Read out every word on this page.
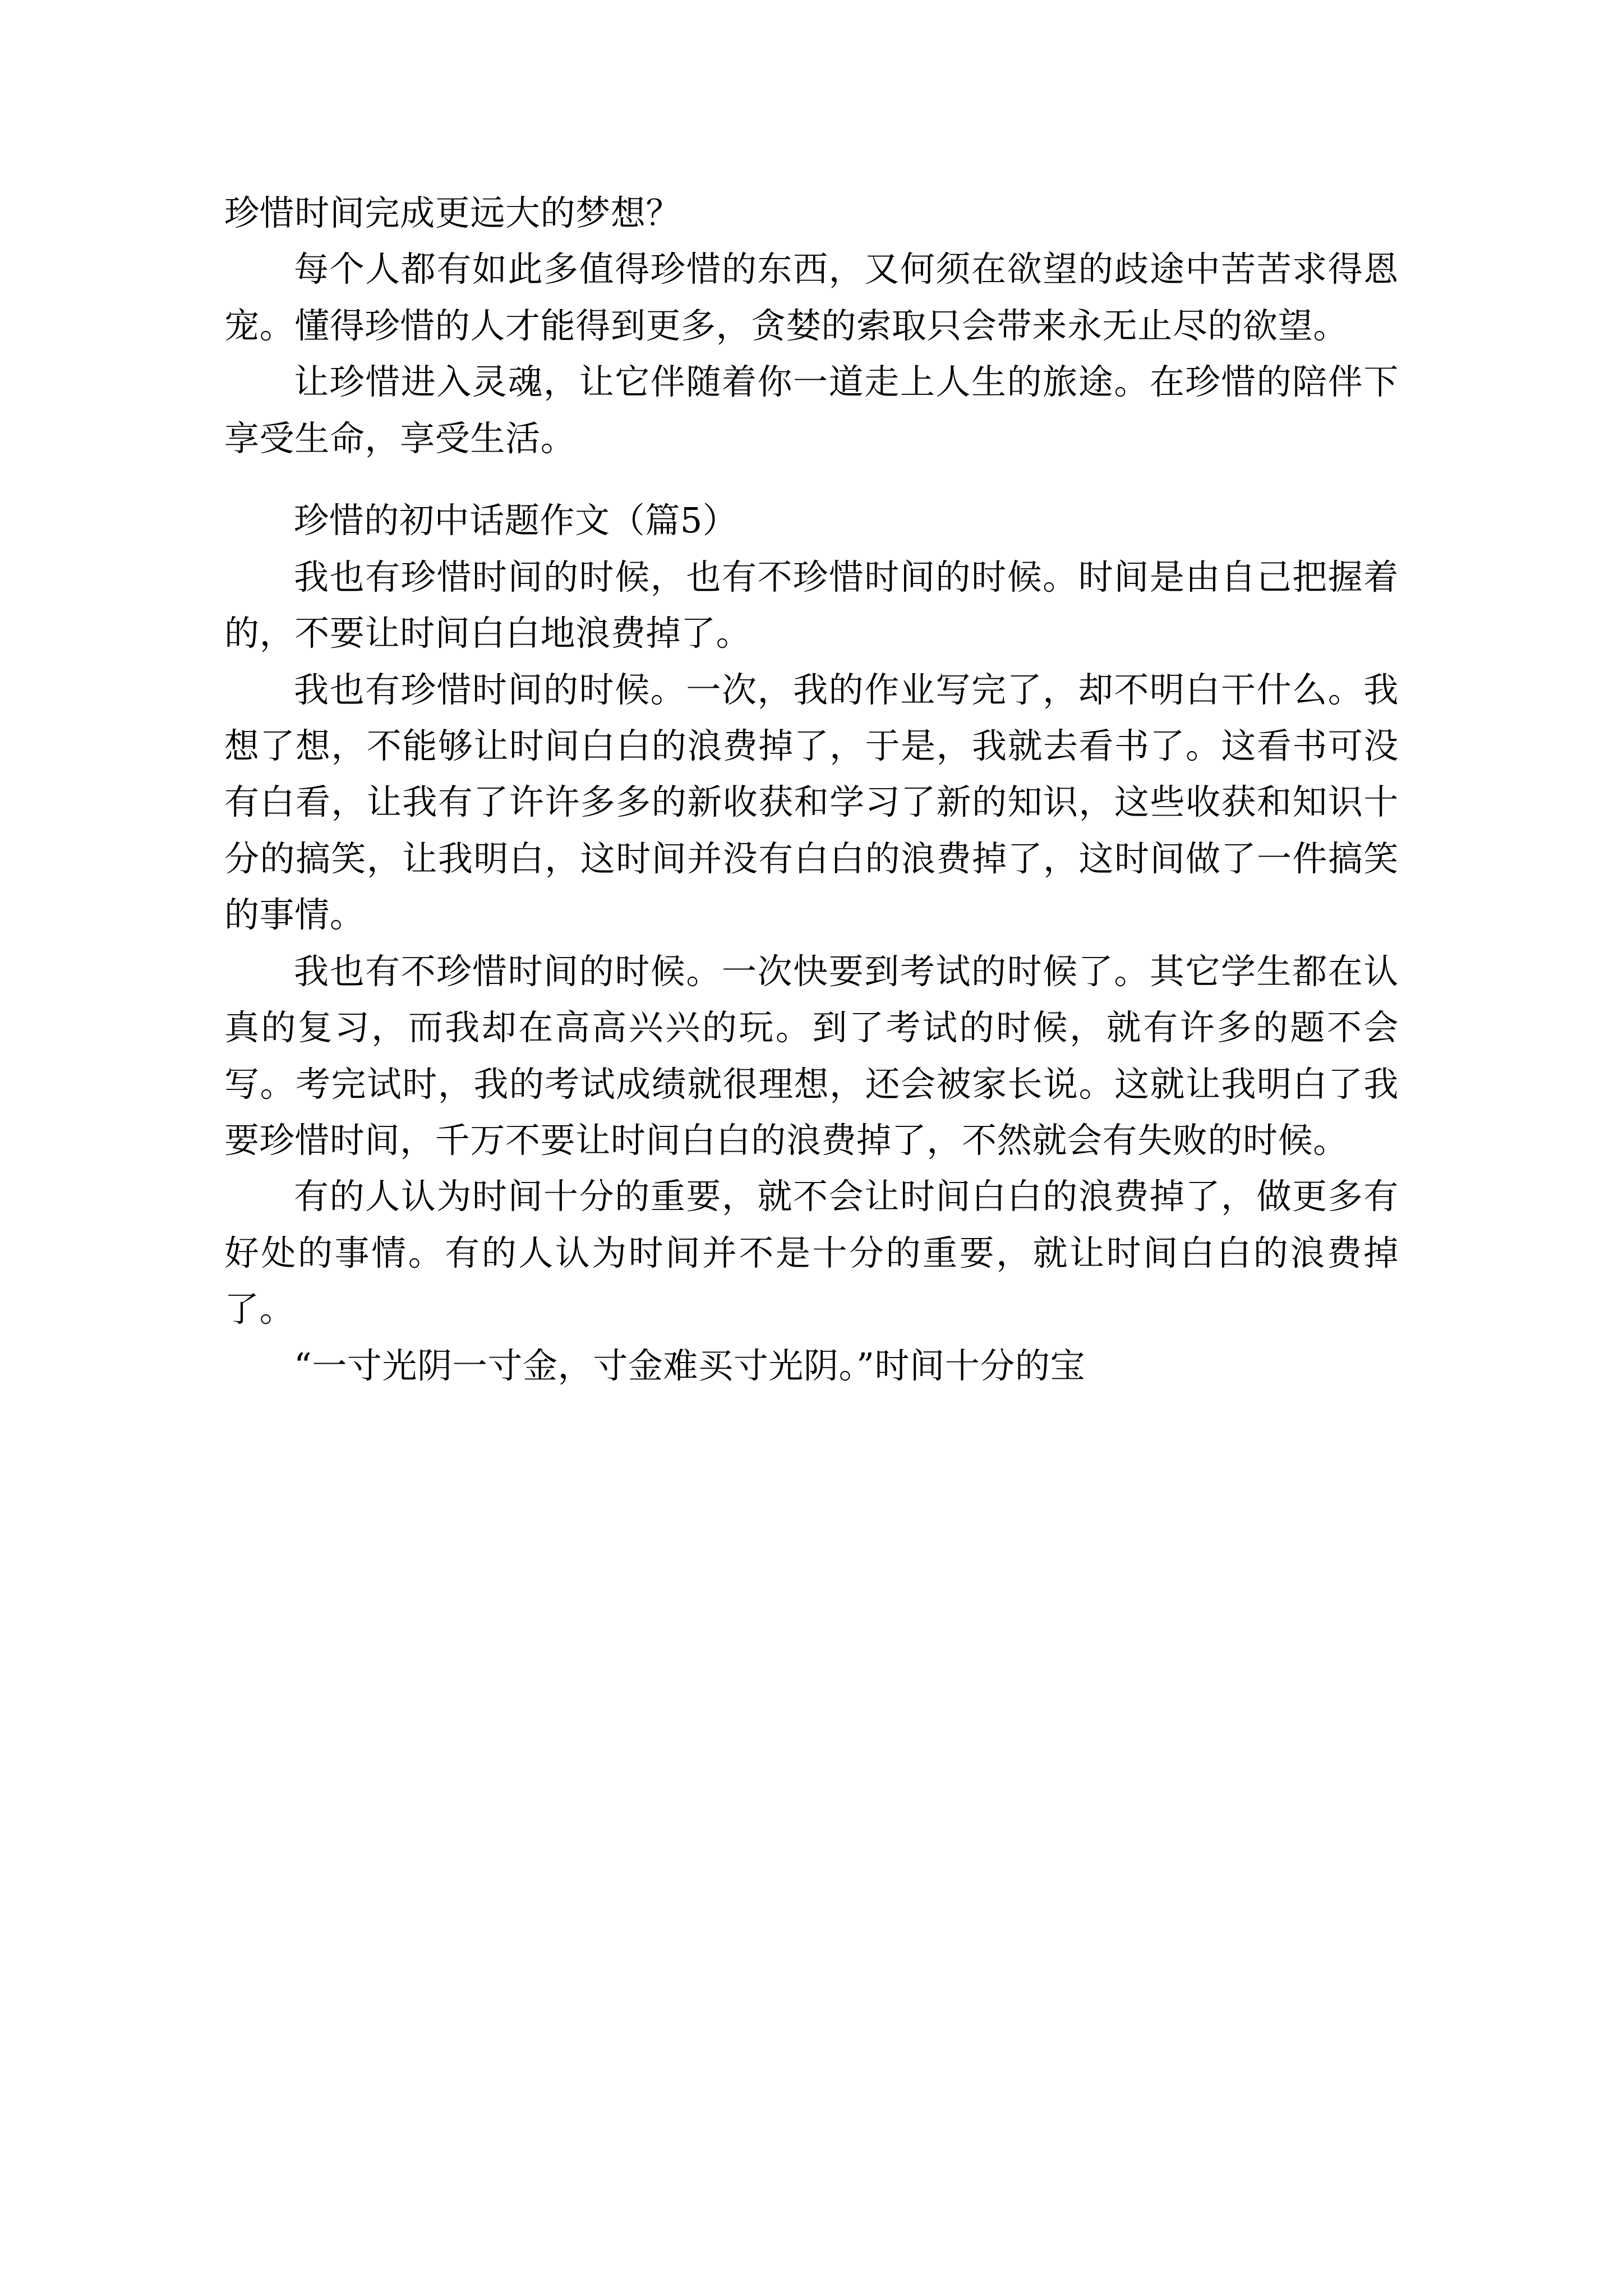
珍惜时间完成更远大的梦想？

每个人都有如此多值得珍惜的东西，又何须在欲望的歧途中苦苦求得恩宠。懂得珍惜的人才能得到更多，贪婪的索取只会带来永无止尽的欲望。

让珍惜进入灵魂，让它伴随着你一道走上人生的旅途。在珍惜的陪伴下享受生命，享受生活。

珍惜的初中话题作文（篇5）

我也有珍惜时间的时候，也有不珍惜时间的时候。时间是由自己把握着的，不要让时间白白地浪费掉了。

我也有珍惜时间的时候。一次，我的作业写完了，却不明白干什么。我想了想，不能够让时间白白的浪费掉了，于是，我就去看书了。这看书可没有白看，让我有了许许多多的新收获和学习了新的知识，这些收获和知识十分的搞笑，让我明白，这时间并没有白白的浪费掉了，这时间做了一件搞笑的事情。

我也有不珍惜时间的时候。一次快要到考试的时候了。其它学生都在认真的复习，而我却在高高兴兴的玩。到了考试的时候，就有许多的题不会写。考完试时，我的考试成绩就很理想，还会被家长说。这就让我明白了我要珍惜时间，千万不要让时间白白的浪费掉了，不然就会有失败的时候。

有的人认为时间十分的重要，就不会让时间白白的浪费掉了，做更多有好处的事情。有的人认为时间并不是十分的重要，就让时间白白的浪费掉了。

“一寸光阴一寸金，寸金难买寸光阴。”时间十分的宝
